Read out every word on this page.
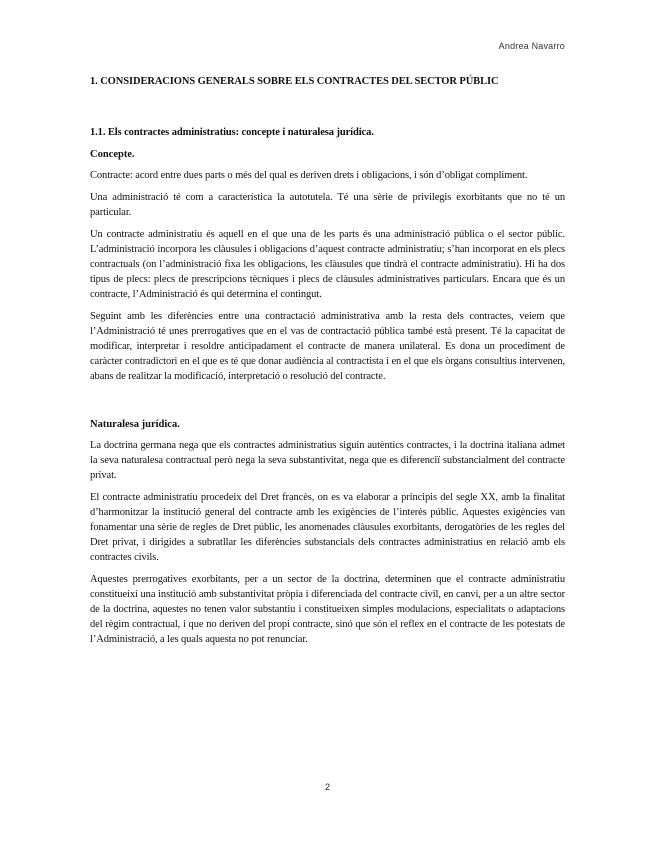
Andrea Navarro
1. CONSIDERACIONS GENERALS SOBRE ELS CONTRACTES DEL SECTOR PÚBLIC
1.1. Els contractes administratius: concepte i naturalesa jurídica.
Concepte.

Contracte: acord entre dues parts o més del qual es deriven drets i obligacions, i són d’obligat compliment.

Una administració té com a característica la autotutela. Té una sèrie de privilegis exorbitants que no té un particular.

Un contracte administratiu és aquell en el que una de les parts és una administració pública o el sector públic. L’administració incorpora les clàusules i obligacions d’aquest contracte administratiu; s’han incorporat en els plecs contractuals (on l’administració fixa les obligacions, les clàusules que tindrà el contracte administratiu). Hi ha dos tipus de plecs: plecs de prescripcions tècniques i plecs de clàusules administratives particulars. Encara que és un contracte, l’Administració és qui determina el contingut.

Seguint amb les diferències entre una contractació administrativa amb la resta dels contractes, veiem que l’Administració té unes prerrogatives que en el vas de contractació pública també està present. Té la capacitat de modificar, interpretar i resoldre anticipadament el contracte de manera unilateral. Es dona un procediment de caràcter contradictori en el que es té que donar audiència al contractista i en el que els òrgans consultius intervenen, abans de realitzar la modificació, interpretació o resolució del contracte.

Naturalesa jurídica.

La doctrina germana nega que els contractes administratius siguin autèntics contractes, i la doctrina italiana admet la seva naturalesa contractual però nega la seva substantivitat, nega que es diferenciï substancialment del contracte privat.

El contracte administratiu procedeix del Dret francès, on es va elaborar a principis del segle XX, amb la finalitat d’harmonitzar la institució general del contracte amb les exigències de l’interès públic. Aquestes exigències van fonamentar una sèrie de regles de Dret públic, les anomenades clàusules exorbitants, derogatòries de les regles del Dret privat, i dirigides a subratllar les diferències substancials dels contractes administratius en relació amb els contractes civils.

Aquestes prerrogatives exorbitants, per a un sector de la doctrina, determinen que el contracte administratiu constitueixi una institució amb substantivitat pròpia i diferenciada del contracte civil, en canvi, per a un altre sector de la doctrina, aquestes no tenen valor substantiu i constitueixen simples modulacions, especialitats o adaptacions del règim contractual, i que no deriven del propi contracte, sinó que són el reflex en el contracte de les potestats de l’Administració, a les quals aquesta no pot renunciar.

2
